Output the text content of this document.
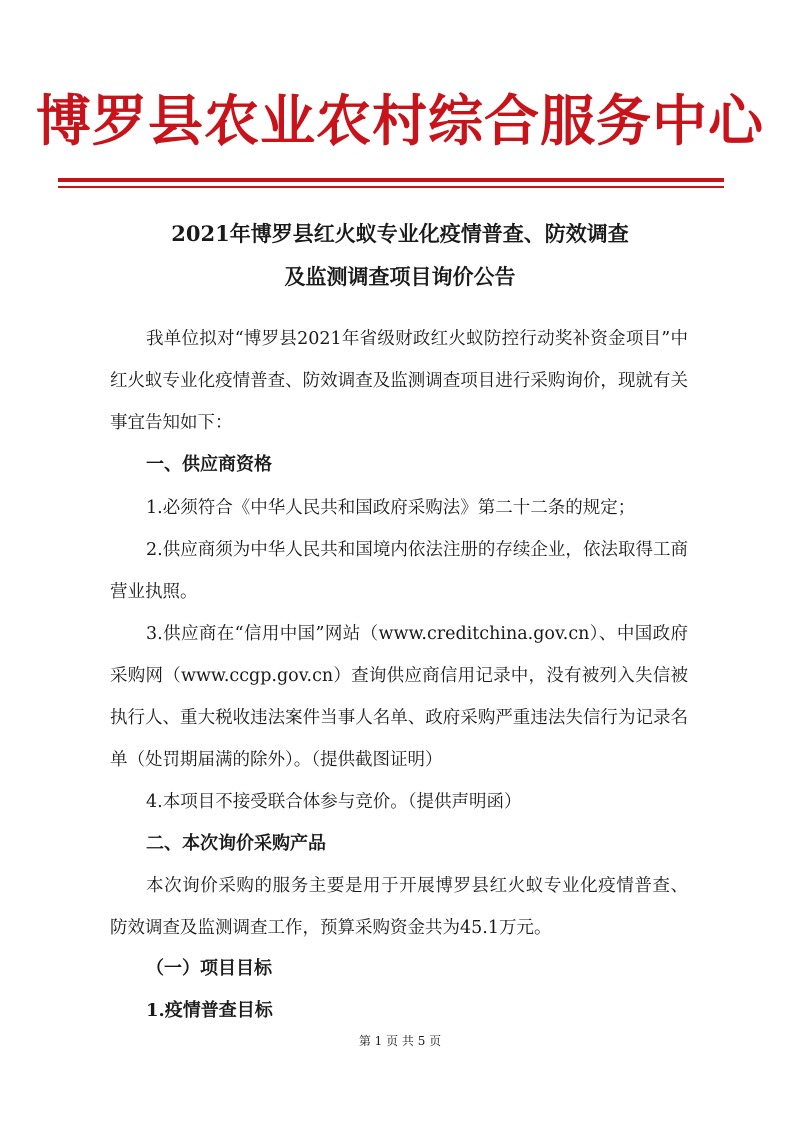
博罗县农业农村综合服务中心
2021年博罗县红火蚁专业化疫情普查、防效调查
及监测调查项目询价公告

我单位拟对“博罗县2021年省级财政红火蚁防控行动奖补资金项目”中红火蚁专业化疫情普查、防效调查及监测调查项目进行采购询价，现就有关事宜告知如下：

一、供应商资格

1.必须符合《中华人民共和国政府采购法》第二十二条的规定；

2.供应商须为中华人民共和国境内依法注册的存续企业，依法取得工商营业执照。

3.供应商在“信用中国”网站（www.creditchina.gov.cn）、中国政府采购网（www.ccgp.gov.cn）查询供应商信用记录中，没有被列入失信被执行人、重大税收违法案件当事人名单、政府采购严重违法失信行为记录名单（处罚期届满的除外）。（提供截图证明）

4.本项目不接受联合体参与竞价。（提供声明函）

二、本次询价采购产品

本次询价采购的服务主要是用于开展博罗县红火蚁专业化疫情普查、防效调查及监测调查工作，预算采购资金共为45.1万元。

（一）项目目标
1.疫情普查目标
第 1 页 共 5 页
